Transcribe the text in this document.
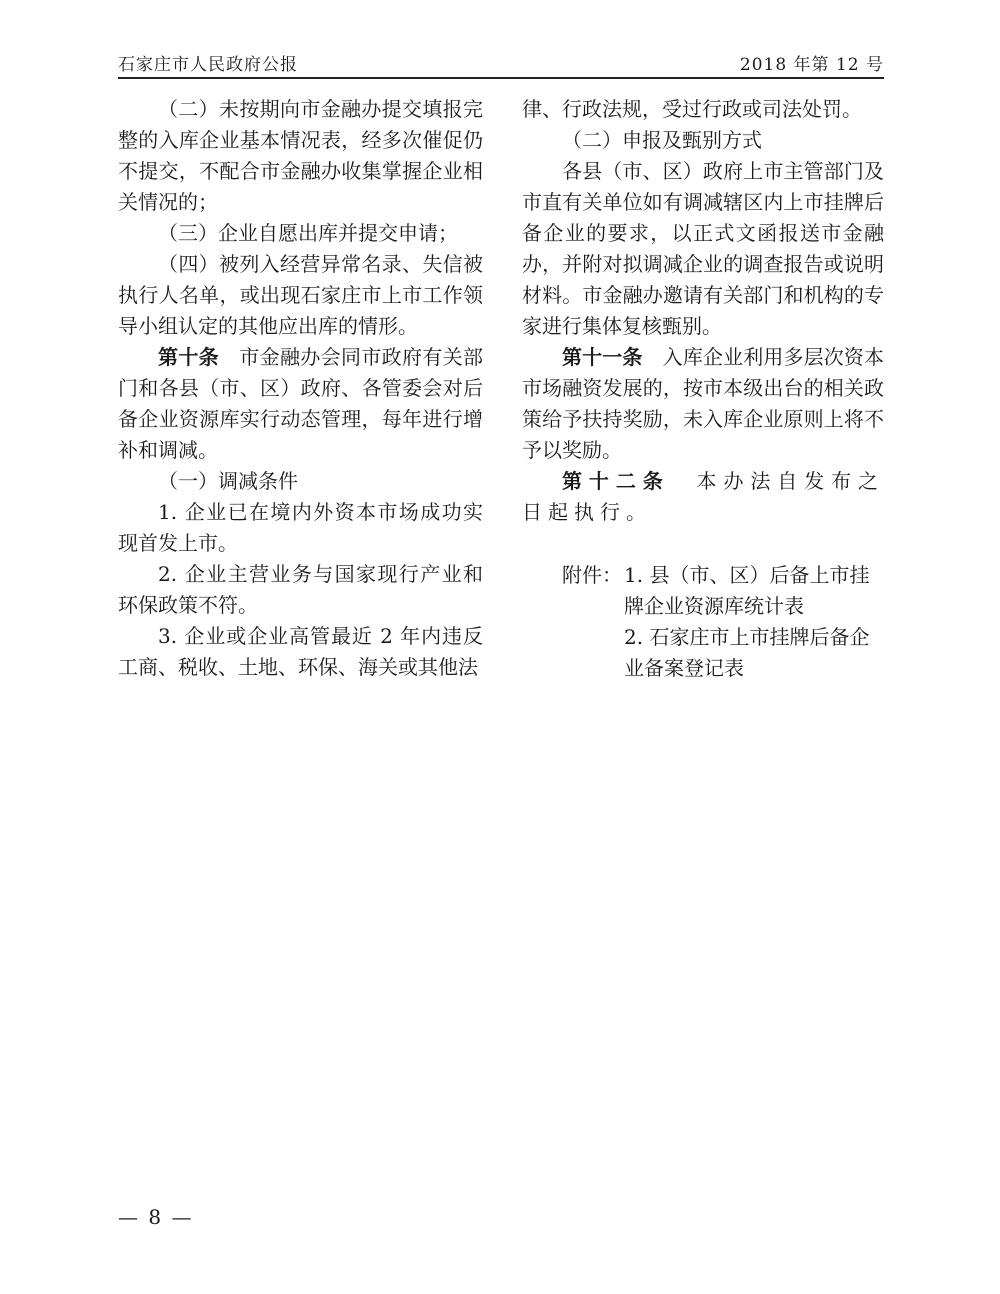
石家庄市人民政府公报	2018 年第 12 号

（二）未按期向市金融办提交填报完整的入库企业基本情况表，经多次催促仍不提交，不配合市金融办收集掌握企业相关情况的；

（三）企业自愿出库并提交申请；

（四）被列入经营异常名录、失信被执行人名单，或出现石家庄市上市工作领导小组认定的其他应出库的情形。

第十条　市金融办会同市政府有关部门和各县（市、区）政府、各管委会对后备企业资源库实行动态管理，每年进行增补和调减。

（一）调减条件

1. 企业已在境内外资本市场成功实现首发上市。

2. 企业主营业务与国家现行产业和环保政策不符。

3. 企业或企业高管最近 2 年内违反工商、税收、土地、环保、海关或其他法

律、行政法规，受过行政或司法处罚。

（二）申报及甄别方式

各县（市、区）政府上市主管部门及市直有关单位如有调减辖区内上市挂牌后备企业的要求，以正式文函报送市金融办，并附对拟调减企业的调查报告或说明材料。市金融办邀请有关部门和机构的专家进行集体复核甄别。

第十一条　入库企业利用多层次资本市场融资发展的，按市本级出台的相关政策给予扶持奖励，未入库企业原则上将不予以奖励。

第十二条　本办法自发布之日起执行。

附件： 1. 县（市、区）后备上市挂牌企业资源库统计表
2. 石家庄市上市挂牌后备企业备案登记表
— 8 —
